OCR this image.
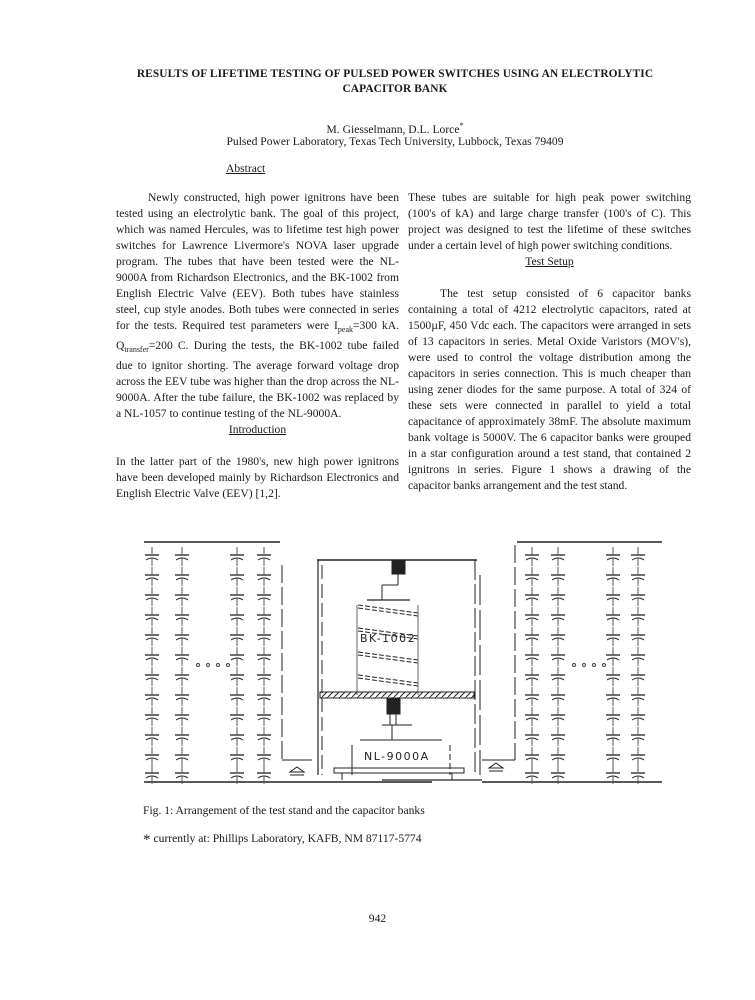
RESULTS OF LIFETIME TESTING OF PULSED POWER SWITCHES USING AN ELECTROLYTIC
CAPACITOR BANK
M. Giesselmann, D.L. Lorce*
Pulsed Power Laboratory, Texas Tech University, Lubbock, Texas 79409
Abstract

Newly constructed, high power ignitrons have been tested using an electrolytic bank. The goal of this project, which was named Hercules, was to lifetime test high power switches for Lawrence Livermore's NOVA laser upgrade program. The tubes that have been tested were the NL-9000A from Richardson Electronics, and the BK-1002 from English Electric Valve (EEV). Both tubes have stainless steel, cup style anodes. Both tubes were connected in series for the tests. Required test parameters were $I_{peak}=300$ kA. $Q_{transfer}=200$ C. During the tests, the BK-1002 tube failed due to ignitor shorting. The average forward voltage drop across the EEV tube was higher than the drop across the NL-9000A. After the tube failure, the BK-1002 was replaced by a NL-1057 to continue testing of the NL-9000A.

Introduction

In the latter part of the 1980's, new high power ignitrons have been developed mainly by Richardson Electronics and English Electric Valve (EEV) [1,2].

These tubes are suitable for high peak power switching (100's of kA) and large charge transfer (100's of C). This project was designed to test the lifetime of these switches under a certain level of high power switching conditions.

Test Setup

The test setup consisted of 6 capacitor banks containing a total of 4212 electrolytic capacitors, rated at 1500µF, 450 Vdc each. The capacitors were arranged in sets of 13 capacitors in series. Metal Oxide Varistors (MOV's), were used to control the voltage distribution among the capacitors in series connection. This is much cheaper than using zener diodes for the same purpose. A total of 324 of these sets were connected in parallel to yield a total capacitance of approximately 38mF. The absolute maximum bank voltage is 5000V. The 6 capacitor banks were grouped in a star configuration around a test stand, that contained 2 ignitrons in series. Figure 1 shows a drawing of the capacitor banks arrangement and the test stand.

BK-1002
NL-9000A
Fig. 1: Arrangement of the test stand and the capacitor banks
* currently at: Phillips Laboratory, KAFB, NM 87117-5774
942
